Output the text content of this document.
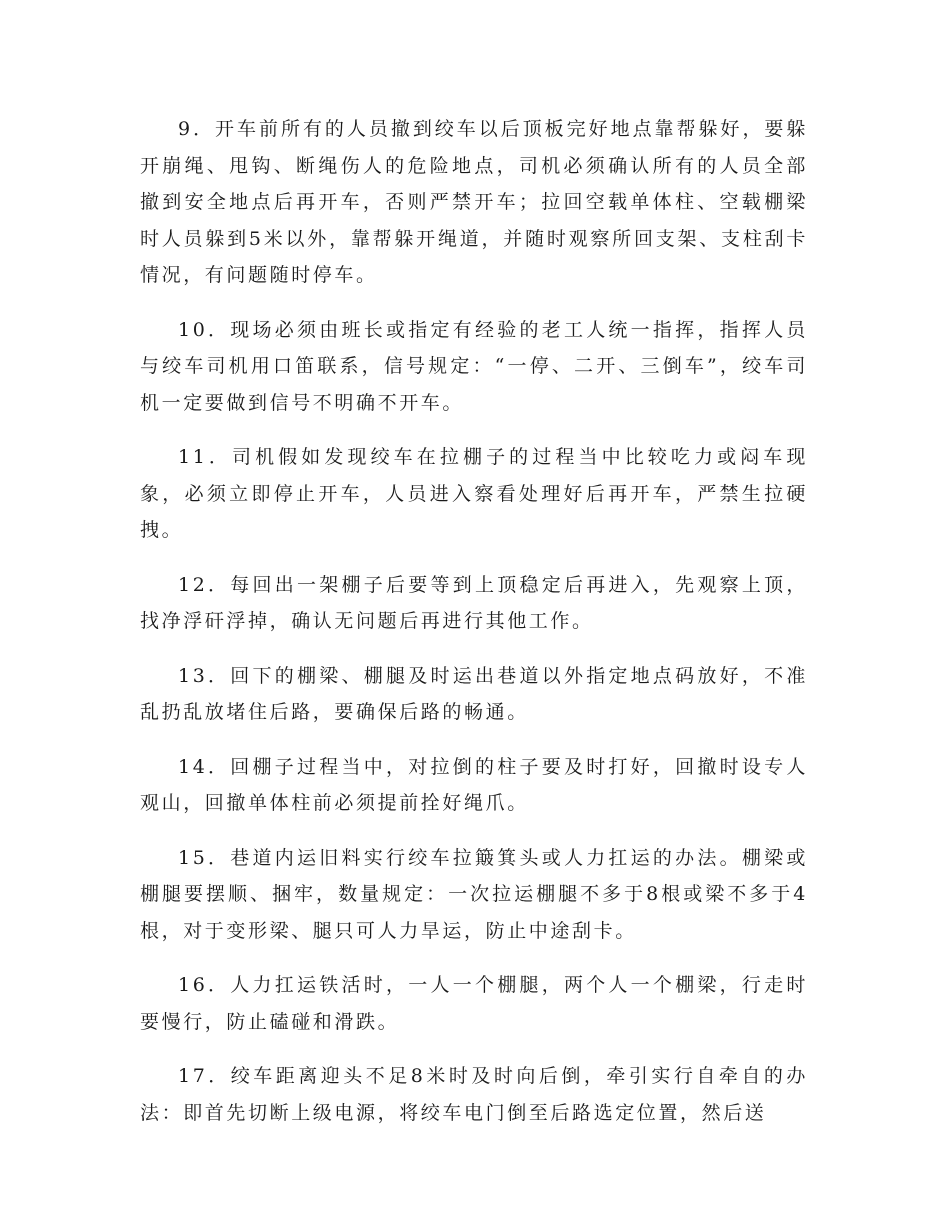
9．开车前所有的人员撤到绞车以后顶板完好地点靠帮躲好，要躲开崩绳、甩钩、断绳伤人的危险地点，司机必须确认所有的人员全部撤到安全地点后再开车，否则严禁开车；拉回空载单体柱、空载棚梁时人员躲到5米以外，靠帮躲开绳道，并随时观察所回支架、支柱刮卡情况，有问题随时停车。

10．现场必须由班长或指定有经验的老工人统一指挥，指挥人员与绞车司机用口笛联系，信号规定：“一停、二开、三倒车”，绞车司机一定要做到信号不明确不开车。

11．司机假如发现绞车在拉棚子的过程当中比较吃力或闷车现象，必须立即停止开车，人员进入察看处理好后再开车，严禁生拉硬拽。

12．每回出一架棚子后要等到上顶稳定后再进入，先观察上顶，找净浮矸浮掉，确认无问题后再进行其他工作。

13．回下的棚梁、棚腿及时运出巷道以外指定地点码放好，不准乱扔乱放堵住后路，要确保后路的畅通。

14．回棚子过程当中，对拉倒的柱子要及时打好，回撤时设专人观山，回撤单体柱前必须提前拴好绳爪。

15．巷道内运旧料实行绞车拉簸箕头或人力扛运的办法。棚梁或棚腿要摆顺、捆牢，数量规定：一次拉运棚腿不多于8根或梁不多于4根，对于变形梁、腿只可人力旱运，防止中途刮卡。

16．人力扛运铁活时，一人一个棚腿，两个人一个棚梁，行走时要慢行，防止磕碰和滑跌。

17．绞车距离迎头不足8米时及时向后倒，牵引实行自牵自的办法：即首先切断上级电源，将绞车电门倒至后路选定位置，然后送
